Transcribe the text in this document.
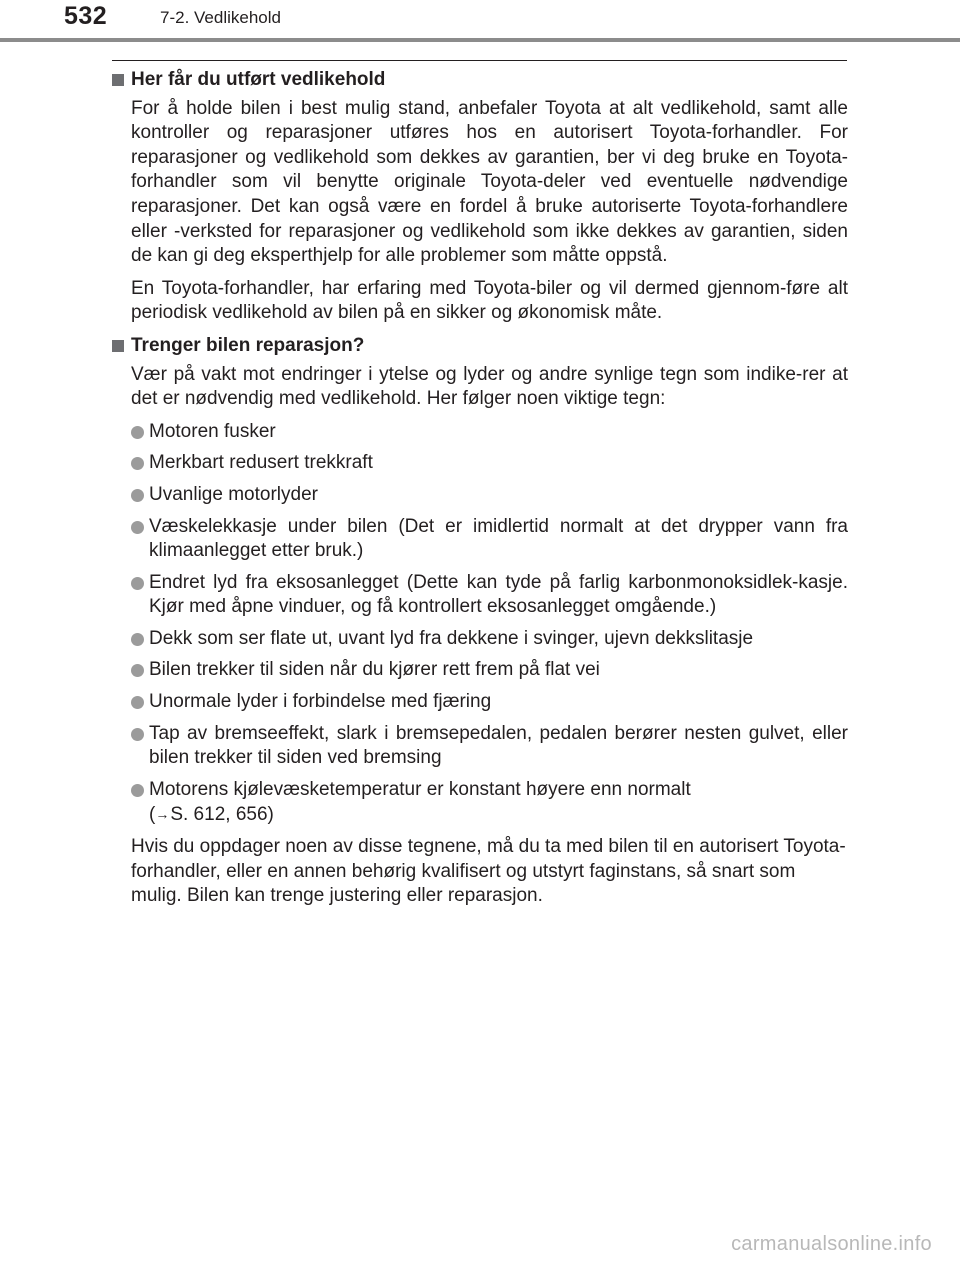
532	7-2. Vedlikehold
Her får du utført vedlikehold

For å holde bilen i best mulig stand, anbefaler Toyota at alt vedlikehold, samt alle kontroller og reparasjoner utføres hos en autorisert Toyota-forhandler. For reparasjoner og vedlikehold som dekkes av garantien, ber vi deg bruke en Toyota-forhandler som vil benytte originale Toyota-deler ved eventuelle nødvendige reparasjoner. Det kan også være en fordel å bruke autoriserte Toyota-forhandlere eller -verksted for reparasjoner og vedlikehold som ikke dekkes av garantien, siden de kan gi deg eksperthjelp for alle problemer som måtte oppstå.

En Toyota-forhandler, har erfaring med Toyota-biler og vil dermed gjennom-føre alt periodisk vedlikehold av bilen på en sikker og økonomisk måte.

Trenger bilen reparasjon?

Vær på vakt mot endringer i ytelse og lyder og andre synlige tegn som indike-rer at det er nødvendig med vedlikehold. Her følger noen viktige tegn:

Motoren fusker
Merkbart redusert trekkraft
Uvanlige motorlyder
Væskelekkasje under bilen (Det er imidlertid normalt at det drypper vann fra klimaanlegget etter bruk.)
Endret lyd fra eksosanlegget (Dette kan tyde på farlig karbonmonoksidlek-kasje. Kjør med åpne vinduer, og få kontrollert eksosanlegget omgående.)
Dekk som ser flate ut, uvant lyd fra dekkene i svinger, ujevn dekkslitasje
Bilen trekker til siden når du kjører rett frem på flat vei
Unormale lyder i forbindelse med fjæring
Tap av bremseeffekt, slark i bremsepedalen, pedalen berører nesten gulvet, eller bilen trekker til siden ved bremsing
Motorens kjølevæsketemperatur er konstant høyere enn normalt
(→S. 612, 656)

Hvis du oppdager noen av disse tegnene, må du ta med bilen til en autorisert Toyota-forhandler, eller en annen behørig kvalifisert og utstyrt faginstans, så snart som mulig. Bilen kan trenge justering eller reparasjon.

carmanualsonline.info
